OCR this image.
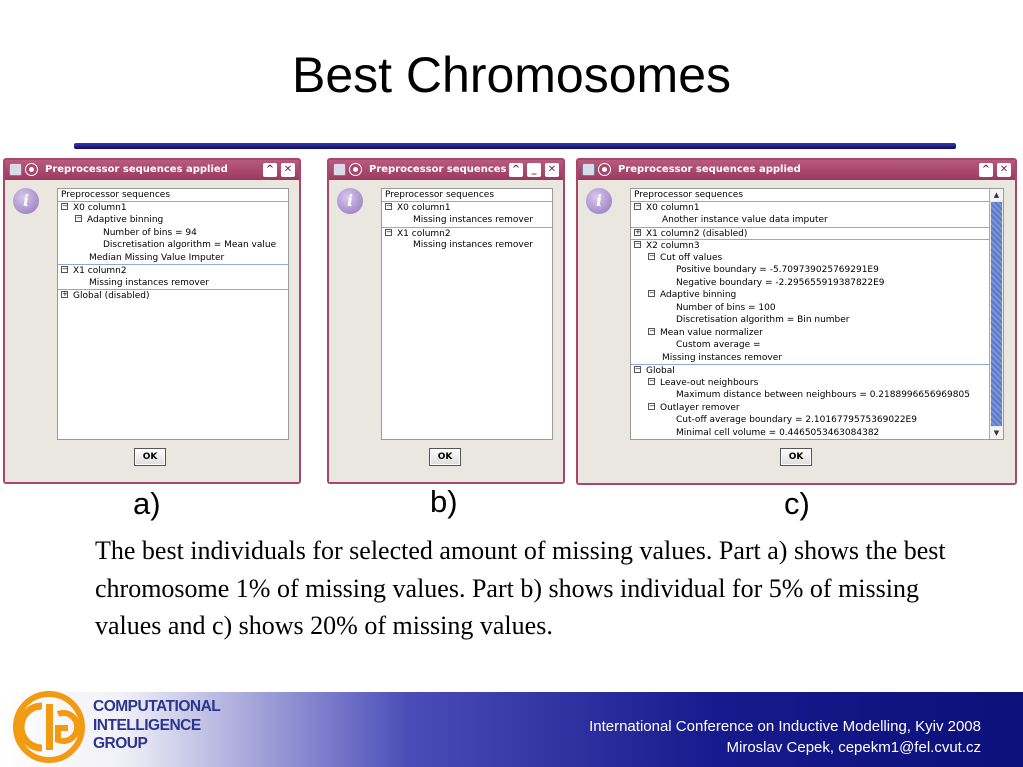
Best Chromosomes
Preprocessor sequences applied	^ ✕
i	Preprocessor sequences
− X0 column1
− Adaptive binning
Number of bins = 94
Discretisation algorithm = Mean value
Median Missing Value Imputer
− X1 column2
Missing instances remover
+ Global (disabled)
OK
Preprocessor sequences ^	_	✕
i	Preprocessor sequences
− X0 column1
Missing instances remover
− X1 column2
Missing instances remover
OK
Preprocessor sequences applied	^ ✕
i	Preprocessor sequences
− X0 column1
Another instance value data imputer
+ X1 column2 (disabled)
− X2 column3
− Cut off values
Positive boundary = -5.709739025769291E9
Negative boundary = -2.295655919387822E9
− Adaptive binning
Number of bins = 100
Discretisation algorithm = Bin number
− Mean value normalizer
Custom average =
Missing instances remover
− Global
− Leave-out neighbours
Maximum distance between neighbours = 0.2188996656969805
− Outlayer remover
Cut-off average boundary = 2.1016779575369022E9
Minimal cell volume = 0.4465053463084382
▲
▼
OK
a)	b)	c)
The best individuals for selected amount of missing values. Part a) shows the best chromosome 1% of missing values. Part b) shows individual for 5% of missing values and c) shows 20% of missing values.
COMPUTATIONAL
INTELLIGENCE
GROUP
International Conference on Inductive Modelling, Kyiv 2008
Miroslav Cepek, cepekm1@fel.cvut.cz
